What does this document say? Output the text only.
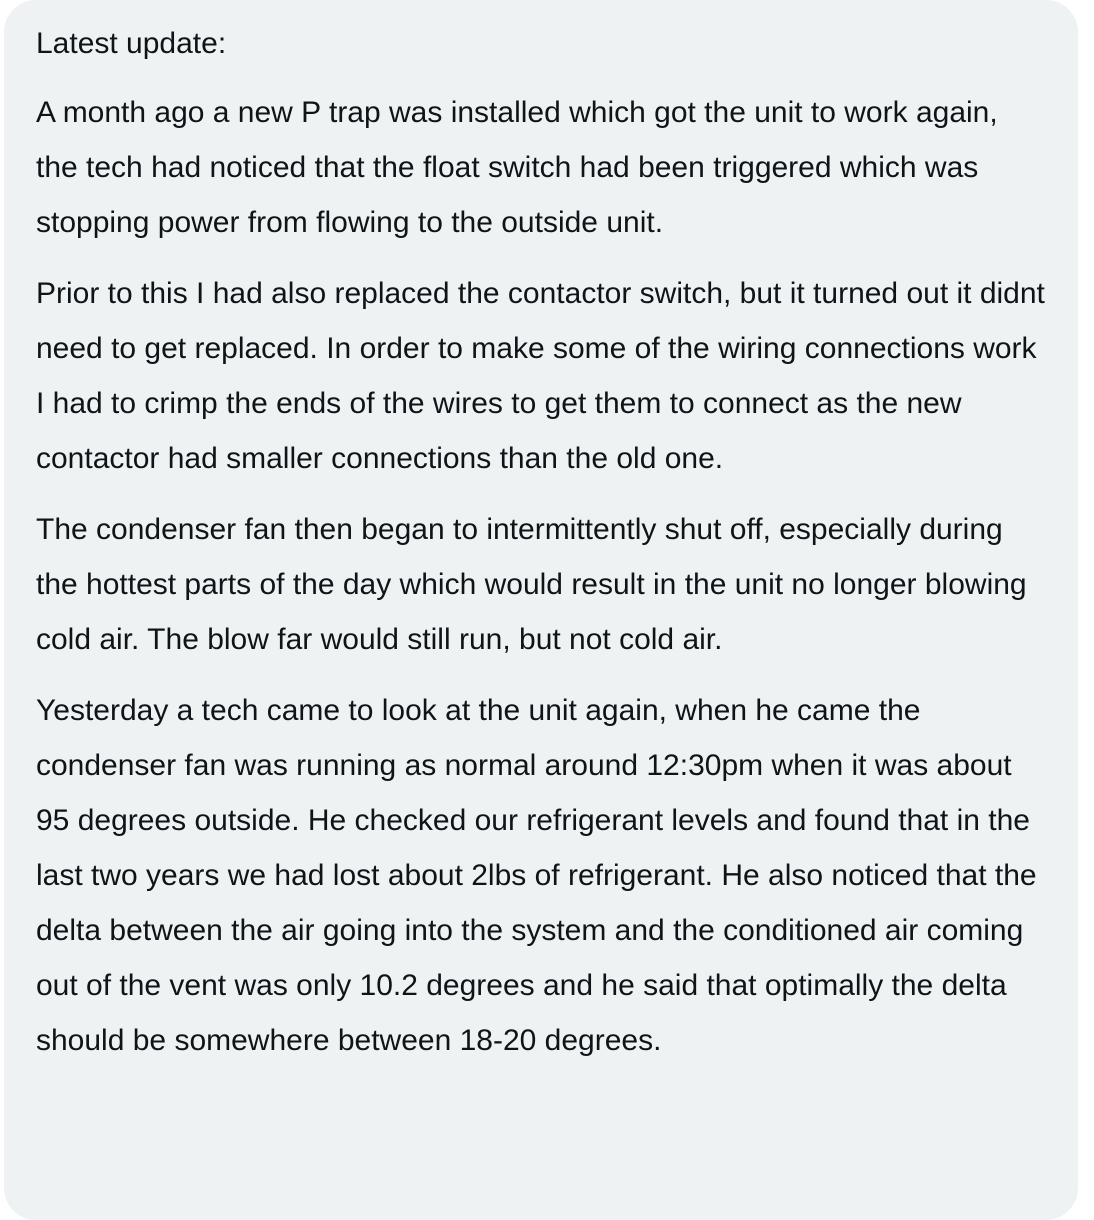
Latest update:

A month ago a new P trap was installed which got the unit to work again, the tech had noticed that the float switch had been triggered which was stopping power from flowing to the outside unit.

Prior to this I had also replaced the contactor switch, but it turned out it didnt need to get replaced. In order to make some of the wiring connections work I had to crimp the ends of the wires to get them to connect as the new contactor had smaller connections than the old one.

The condenser fan then began to intermittently shut off, especially during the hottest parts of the day which would result in the unit no longer blowing cold air. The blow far would still run, but not cold air.

Yesterday a tech came to look at the unit again, when he came the condenser fan was running as normal around 12:30pm when it was about 95 degrees outside. He checked our refrigerant levels and found that in the last two years we had lost about 2lbs of refrigerant. He also noticed that the delta between the air going into the system and the conditioned air coming out of the vent was only 10.2 degrees and he said that optimally the delta should be somewhere between 18-20 degrees.
